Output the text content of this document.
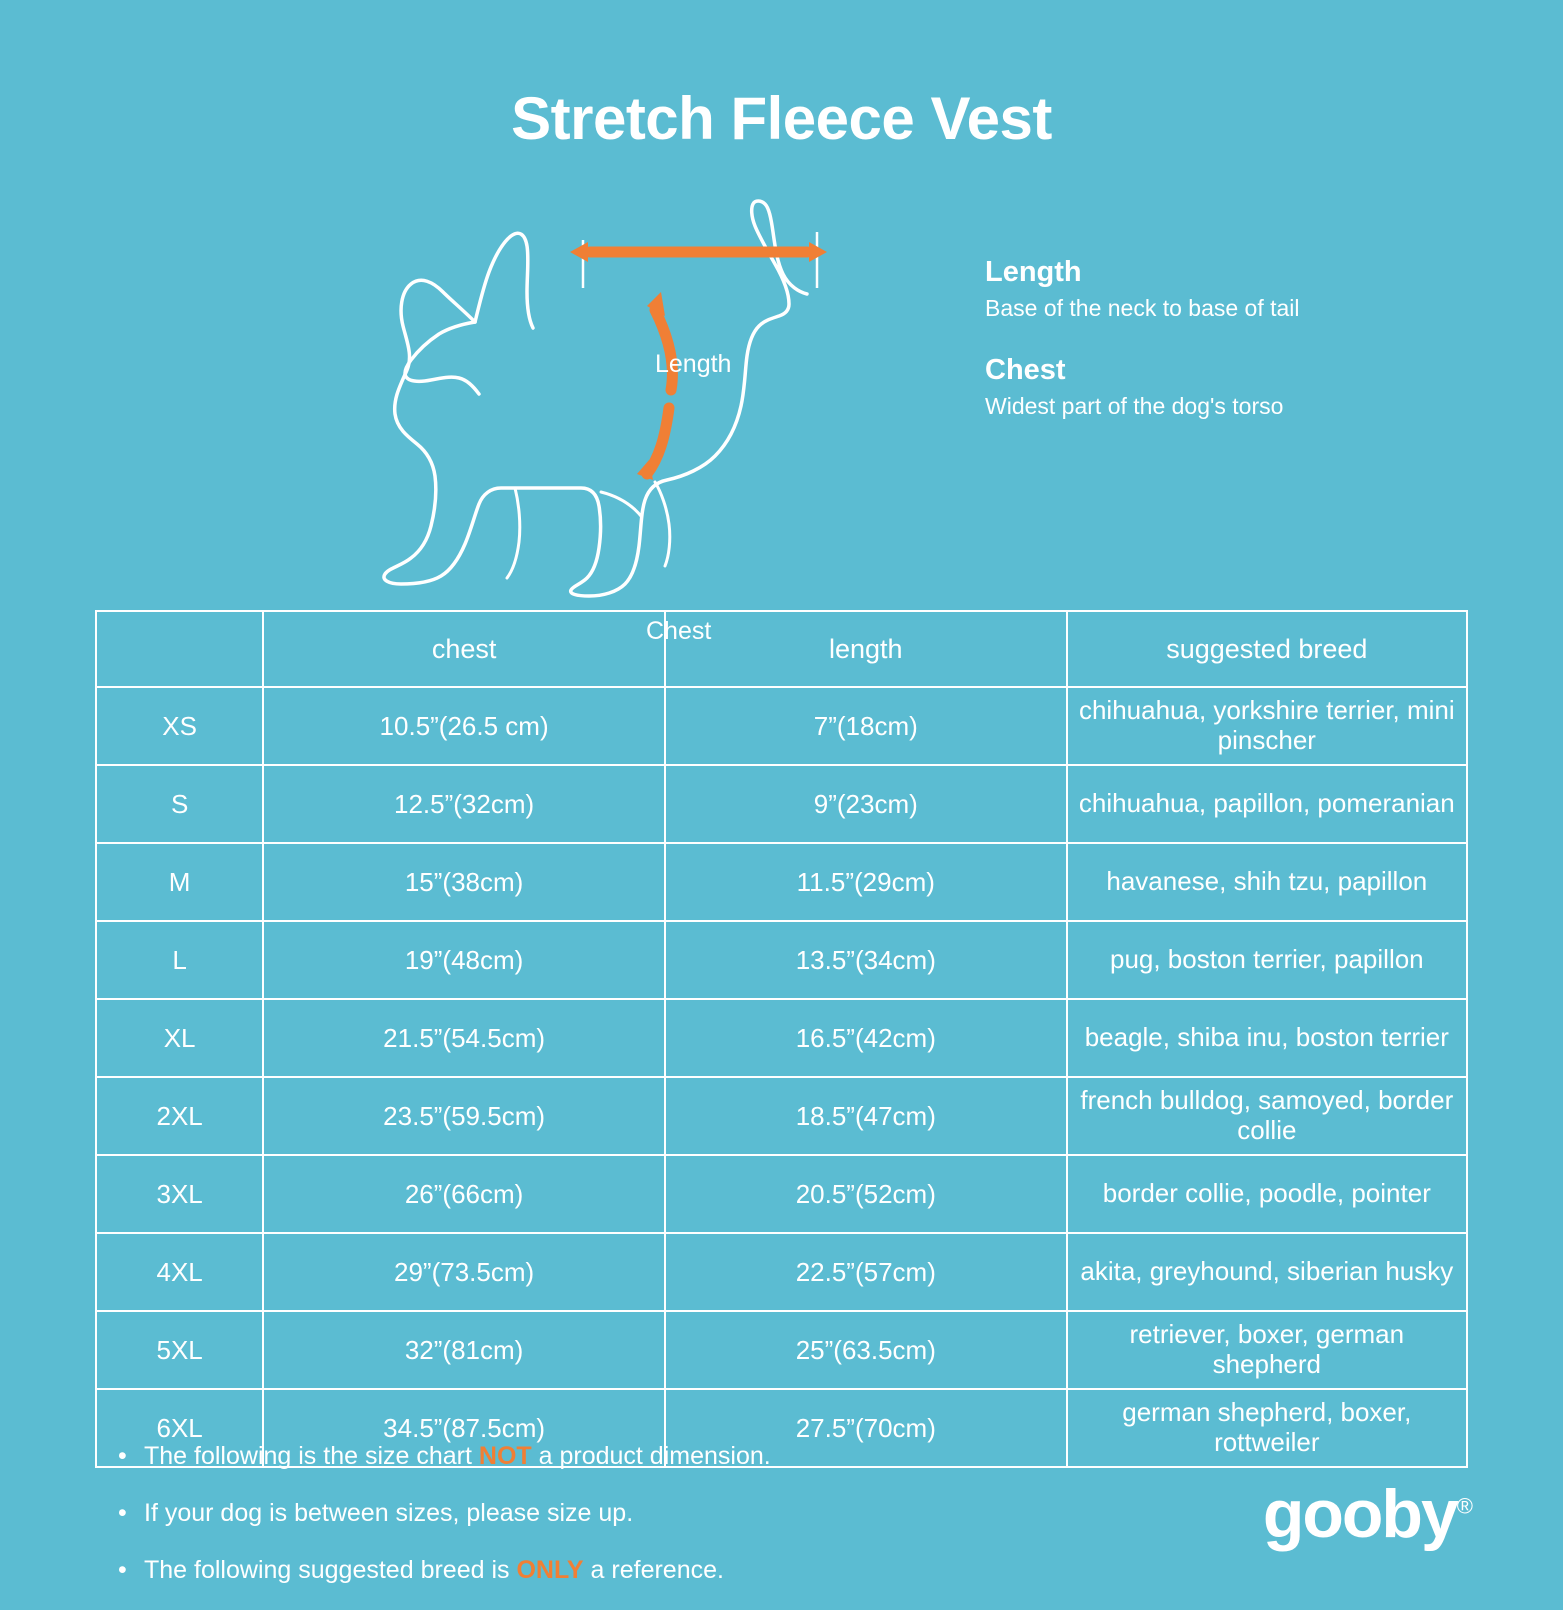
Stretch Fleece Vest
Length
Chest
Length

Base of the neck to base of tail

Chest

Widest part of the dog's torso

	chest	length	suggested breed
XS	10.5”(26.5 cm)	7”(18cm)	chihuahua, yorkshire terrier, mini pinscher
S	12.5”(32cm)	9”(23cm)	chihuahua, papillon, pomeranian
M	15”(38cm)	11.5”(29cm)	havanese, shih tzu, papillon
L	19”(48cm)	13.5”(34cm)	pug, boston terrier, papillon
XL	21.5”(54.5cm)	16.5”(42cm)	beagle, shiba inu, boston terrier
2XL	23.5”(59.5cm)	18.5”(47cm)	french bulldog, samoyed, border collie
3XL	26”(66cm)	20.5”(52cm)	border collie, poodle, pointer
4XL	29”(73.5cm)	22.5”(57cm)	akita, greyhound, siberian husky
5XL	32”(81cm)	25”(63.5cm)	retriever, boxer, german shepherd
6XL	34.5”(87.5cm)	27.5”(70cm)	german shepherd, boxer, rottweiler
• The following is the size chart NOT a product dimension.
• If your dog is between sizes, please size up.
• The following suggested breed is ONLY a reference.
gooby®
